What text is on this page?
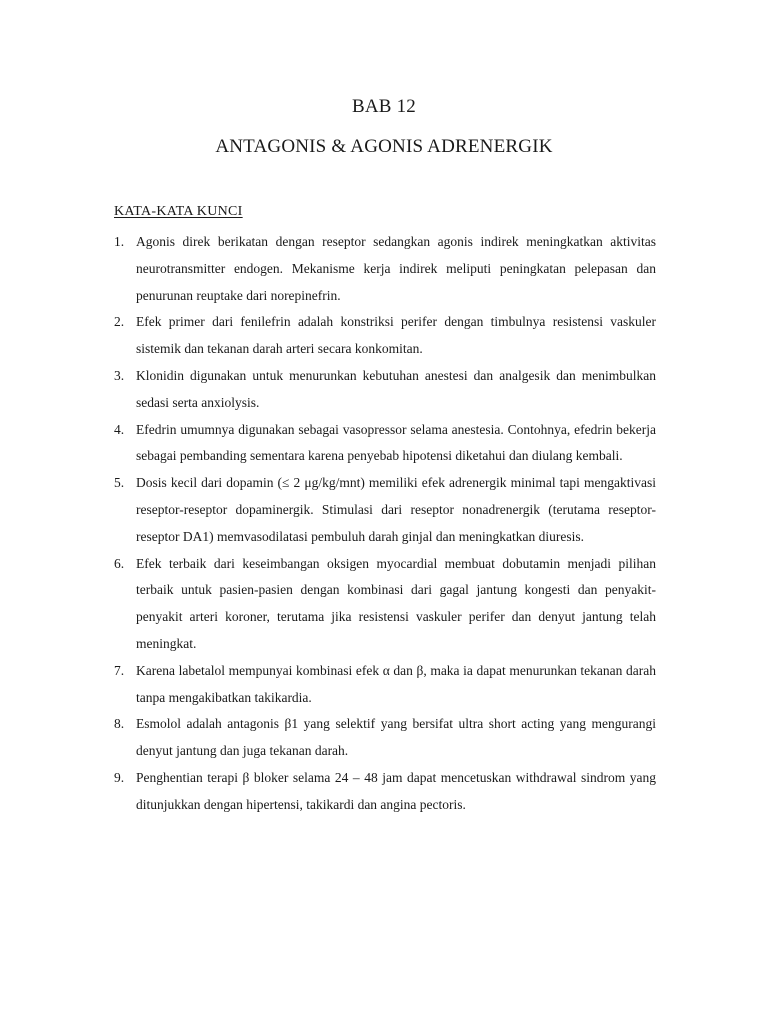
BAB 12
ANTAGONIS & AGONIS ADRENERGIK
KATA-KATA KUNCI
1. Agonis direk berikatan dengan reseptor sedangkan agonis indirek meningkatkan aktivitas neurotransmitter endogen. Mekanisme kerja indirek meliputi peningkatan pelepasan dan penurunan reuptake dari norepinefrin.
2. Efek primer dari fenilefrin adalah konstriksi perifer dengan timbulnya resistensi vaskuler sistemik dan tekanan darah arteri secara konkomitan.
3. Klonidin digunakan untuk menurunkan kebutuhan anestesi dan analgesik dan menimbulkan sedasi serta anxiolysis.
4. Efedrin umumnya digunakan sebagai vasopressor selama anestesia. Contohnya, efedrin bekerja sebagai pembanding sementara karena penyebab hipotensi diketahui dan diulang kembali.
5. Dosis kecil dari dopamin (≤ 2 μg/kg/mnt) memiliki efek adrenergik minimal tapi mengaktivasi reseptor-reseptor dopaminergik. Stimulasi dari reseptor nonadrenergik (terutama reseptor-reseptor DA1) memvasodilatasi pembuluh darah ginjal dan meningkatkan diuresis.
6. Efek terbaik dari keseimbangan oksigen myocardial membuat dobutamin menjadi pilihan terbaik untuk pasien-pasien dengan kombinasi dari gagal jantung kongesti dan penyakit-penyakit arteri koroner, terutama jika resistensi vaskuler perifer dan denyut jantung telah meningkat.
7. Karena labetalol mempunyai kombinasi efek α dan β, maka ia dapat menurunkan tekanan darah tanpa mengakibatkan takikardia.
8. Esmolol adalah antagonis β1 yang selektif yang bersifat ultra short acting yang mengurangi denyut jantung dan juga tekanan darah.
9. Penghentian terapi β bloker selama 24 – 48 jam dapat mencetuskan withdrawal sindrom yang ditunjukkan dengan hipertensi, takikardi dan angina pectoris.
